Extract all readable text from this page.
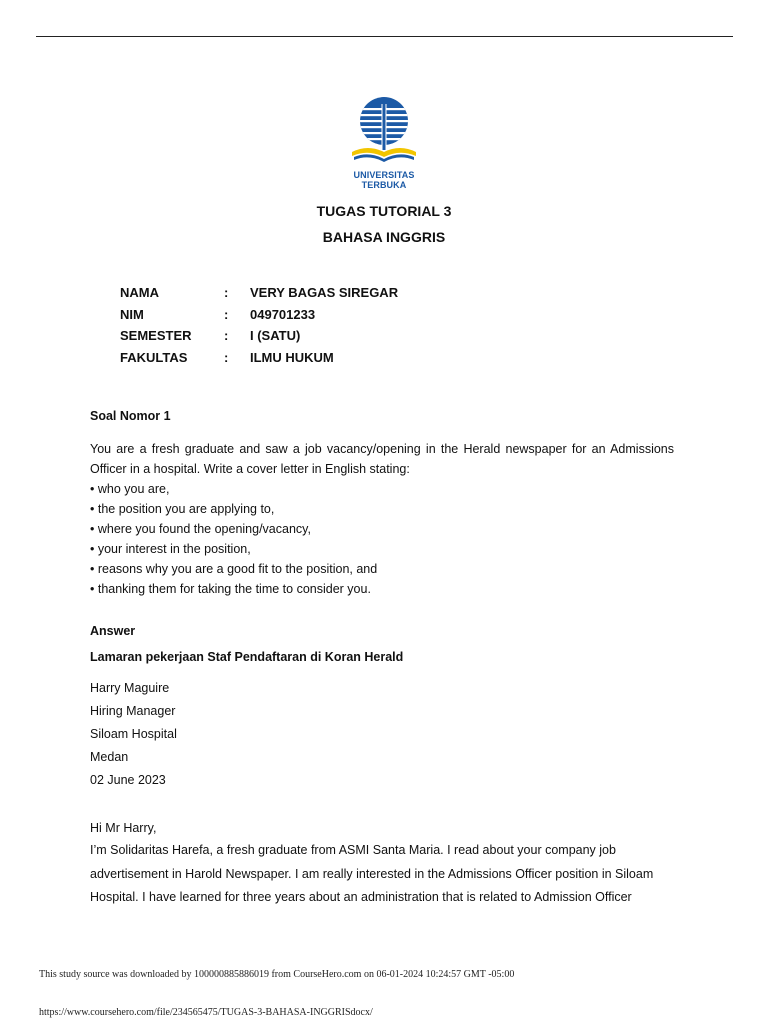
UNIVERSITAS TERBUKA
TUGAS TUTORIAL 3
BAHASA INGGRIS
NAMA	:	VERY BAGAS SIREGAR
NIM	:	049701233
SEMESTER	:	I (SATU)
FAKULTAS	:	ILMU HUKUM
Soal Nomor 1
You are a fresh graduate and saw a job vacancy/opening in the Herald newspaper for an Admissions Officer in a hospital. Write a cover letter in English stating:
• who you are,
• the position you are applying to,
• where you found the opening/vacancy,
• your interest in the position,
• reasons why you are a good fit to the position, and
• thanking them for taking the time to consider you.
Answer
Lamaran pekerjaan Staf Pendaftaran di Koran Herald
Harry Maguire
Hiring Manager
Siloam Hospital
Medan
02 June 2023
Hi Mr Harry,
I’m Solidaritas Harefa, a fresh graduate from ASMI Santa Maria. I read about your company job advertisement in Harold Newspaper. I am really interested in the Admissions Officer position in Siloam Hospital. I have learned for three years about an administration that is related to Admission Officer
This study source was downloaded by 100000885886019 from CourseHero.com on 06-01-2024 10:24:57 GMT -05:00
https://www.coursehero.com/file/234565475/TUGAS-3-BAHASA-INGGRISdocx/
